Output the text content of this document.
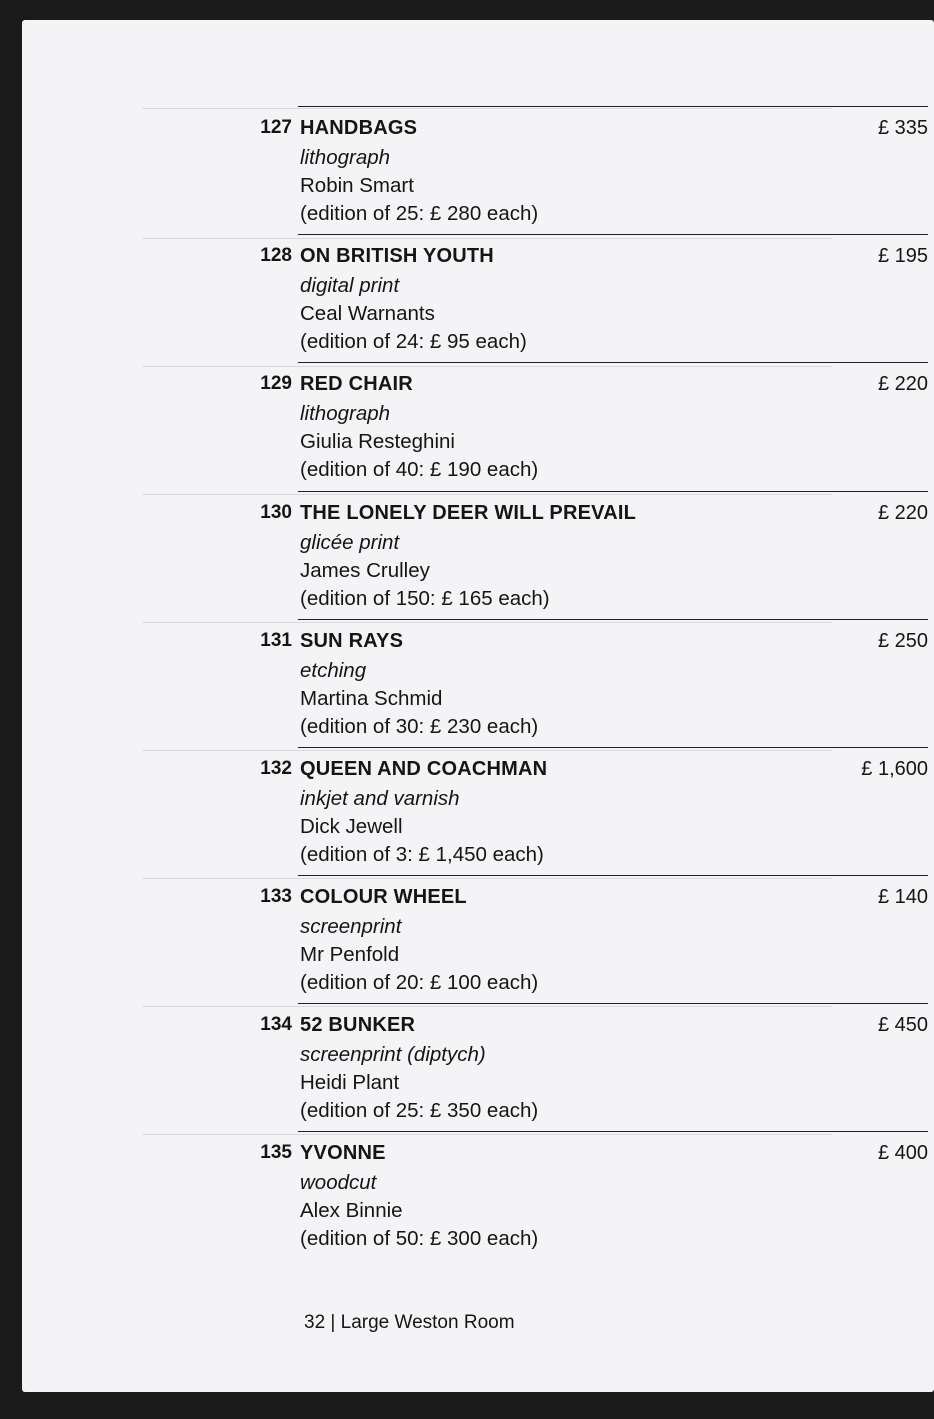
127 HANDBAGS
lithograph
Robin Smart
(edition of 25: £ 280 each)
£ 335
128 ON BRITISH YOUTH
digital print
Ceal Warnants
(edition of 24: £ 95 each)
£ 195
129 RED CHAIR
lithograph
Giulia Resteghini
(edition of 40: £ 190 each)
£ 220
130 THE LONELY DEER WILL PREVAIL
glicée print
James Crulley
(edition of 150: £ 165 each)
£ 220
131 SUN RAYS
etching
Martina Schmid
(edition of 30: £ 230 each)
£ 250
132 QUEEN AND COACHMAN
inkjet and varnish
Dick Jewell
(edition of 3: £ 1,450 each)
£ 1,600
133 COLOUR WHEEL
screenprint
Mr Penfold
(edition of 20: £ 100 each)
£ 140
134 52 BUNKER
screenprint (diptych)
Heidi Plant
(edition of 25: £ 350 each)
£ 450
135 YVONNE
woodcut
Alex Binnie
(edition of 50: £ 300 each)
£ 400
32 | Large Weston Room
